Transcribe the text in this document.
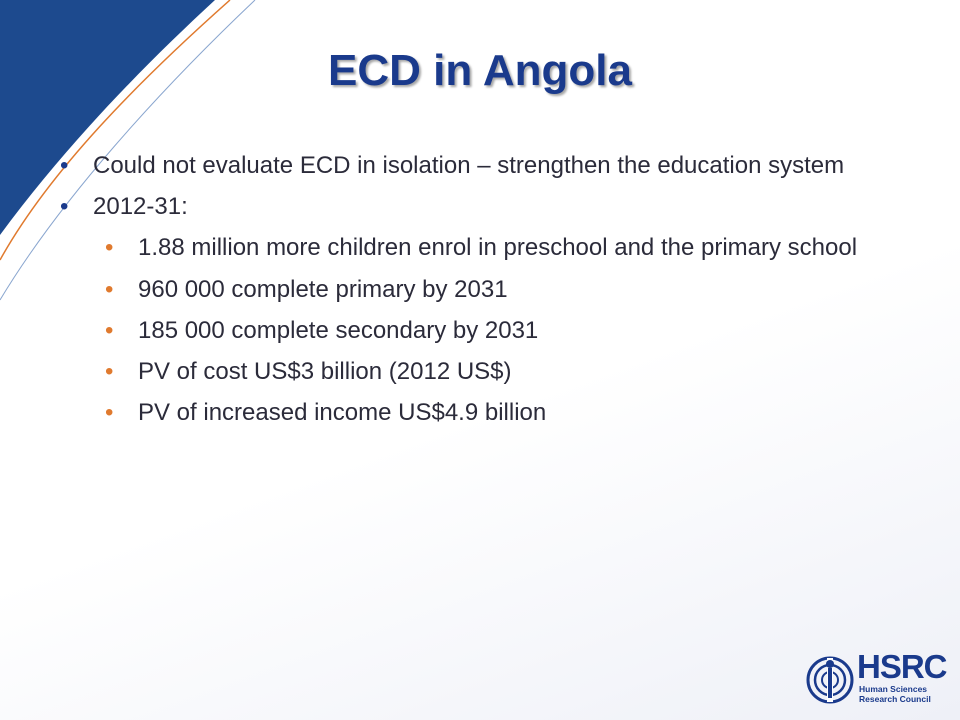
ECD in Angola
• Could not evaluate ECD in isolation – strengthen the education system
• 2012-31:
• 1.88 million more children enrol in preschool and the primary school
• 960 000 complete primary by 2031
• 185 000 complete secondary by 2031
• PV of cost US$3 billion (2012 US$)
• PV of increased income US$4.9 billion
HSRC
Human Sciences
Research Council
